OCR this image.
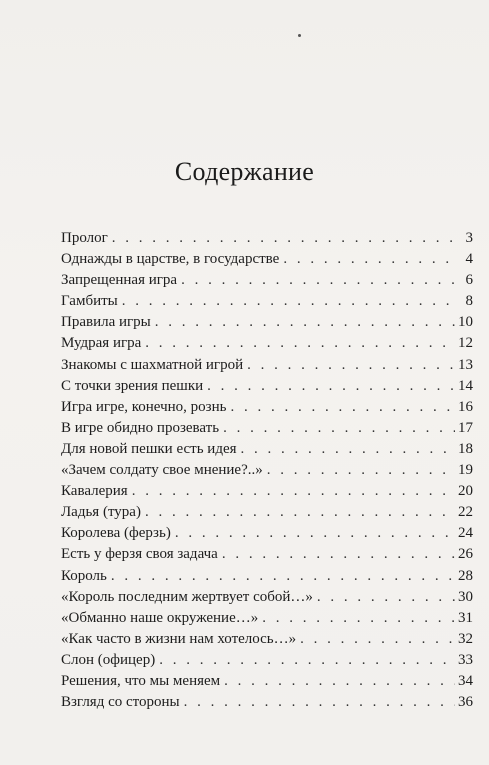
Содержание
Пролог . . .	3
Однажды в царстве, в государстве . . .	4
Запрещенная игра . . .	6
Гамбиты . . .	8
Правила игры . . .	10
Мудрая игра . . .	12
Знакомы с шахматной игрой . . .	13
С точки зрения пешки . . .	14
Игра игре, конечно, рознь . . .	16
В игре обидно прозевать . . .	17
Для новой пешки есть идея . . .	18
«Зачем солдату свое мнение?..» . . .	19
Кавалерия . . .	20
Ладья (тура) . . .	22
Королева (ферзь) . . .	24
Есть у ферзя своя задача . . .	26
Король . . .	28
«Король последним жертвует собой…» . . .	30
«Обманно наше окружение…» . . .	31
«Как часто в жизни нам хотелось…» . . .	32
Слон (офицер) . . .	33
Решения, что мы меняем . . .	34
Взгляд со стороны . . .	36
